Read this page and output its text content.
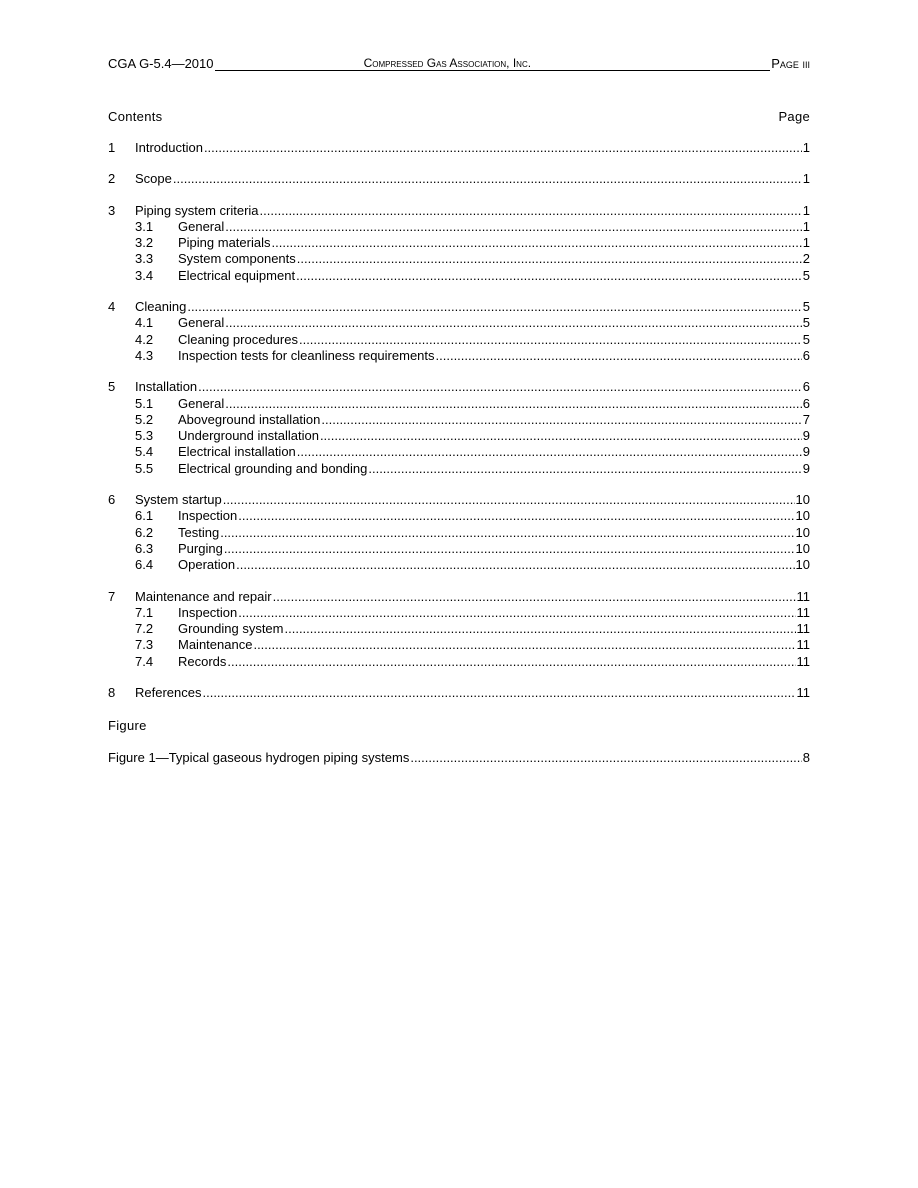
CGA G-5.4—2010	Compressed Gas Association, Inc.	Page iii
Contents	Page
1	Introduction .....	1
2	Scope .....	1
3	Piping system criteria .....	1
3.1	General .....	1
3.2	Piping materials .....	1
3.3	System components .....	2
3.4	Electrical equipment .....	5
4	Cleaning .....	5
4.1	General .....	5
4.2	Cleaning procedures .....	5
4.3	Inspection tests for cleanliness requirements .....	6
5	Installation .....	6
5.1	General .....	6
5.2	Aboveground installation .....	7
5.3	Underground installation .....	9
5.4	Electrical installation .....	9
5.5	Electrical grounding and bonding .....	9
6	System startup .....	10
6.1	Inspection .....	10
6.2	Testing .....	10
6.3	Purging .....	10
6.4	Operation .....	10
7	Maintenance and repair .....	11
7.1	Inspection .....	11
7.2	Grounding system .....	11
7.3	Maintenance .....	11
7.4	Records .....	11
8	References .....	11
Figure
Figure 1—Typical gaseous hydrogen piping systems .....	8
